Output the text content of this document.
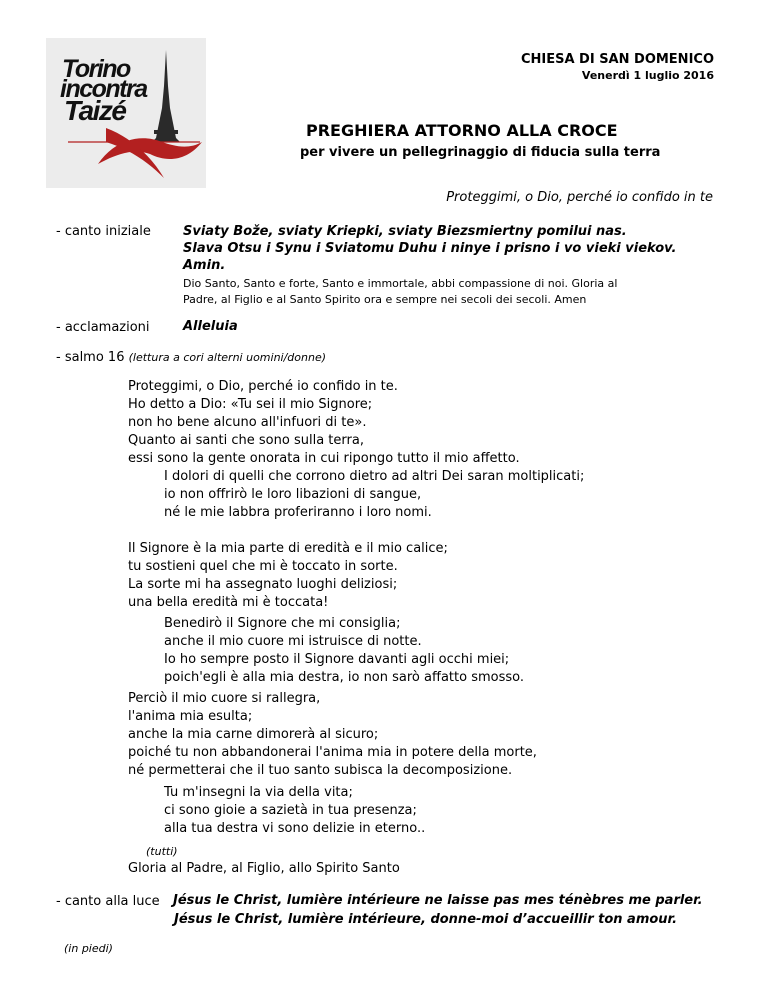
Torino
incontra
Taizé
CHIESA DI SAN DOMENICO
Venerdì 1 luglio 2016
PREGHIERA ATTORNO ALLA CROCE
per vivere un pellegrinaggio di fiducia sulla terra
Proteggimi, o Dio, perché io confido in te
- canto iniziale Sviaty Bože, sviaty Kriepki, sviaty Biezsmiertny pomilui nas.
Slava Otsu i Synu i Sviatomu Duhu i ninye i prisno i vo vieki viekov.
Amin.
Dio Santo, Santo e forte, Santo e immortale, abbi compassione di noi. Gloria al
Padre, al Figlio e al Santo Spirito ora e sempre nei secoli dei secoli. Amen
- acclamazioni	Alleluia
- salmo 16 (lettura a cori alterni uomini/donne)
Proteggimi, o Dio, perché io confido in te.
Ho detto a Dio: «Tu sei il mio Signore;
non ho bene alcuno all'infuori di te».
Quanto ai santi che sono sulla terra,
essi sono la gente onorata in cui ripongo tutto il mio affetto.
I dolori di quelli che corrono dietro ad altri Dei saran moltiplicati;
io non offrirò le loro libazioni di sangue,
né le mie labbra proferiranno i loro nomi.
Il Signore è la mia parte di eredità e il mio calice;
tu sostieni quel che mi è toccato in sorte.
La sorte mi ha assegnato luoghi deliziosi;
una bella eredità mi è toccata!
Benedirò il Signore che mi consiglia;
anche il mio cuore mi istruisce di notte.
Io ho sempre posto il Signore davanti agli occhi miei;
poich'egli è alla mia destra, io non sarò affatto smosso.
Perciò il mio cuore si rallegra,
l'anima mia esulta;
anche la mia carne dimorerà al sicuro;
poiché tu non abbandonerai l'anima mia in potere della morte,
né permetterai che il tuo santo subisca la decomposizione.
Tu m'insegni la via della vita;
ci sono gioie a sazietà in tua presenza;
alla tua destra vi sono delizie in eterno..
(tutti)
Gloria al Padre, al Figlio, allo Spirito Santo
- canto alla luce Jésus le Christ, lumière intérieure ne laisse pas mes ténèbres me parler.
Jésus le Christ, lumière intérieure, donne-moi d’accueillir ton amour.
(in piedi)
